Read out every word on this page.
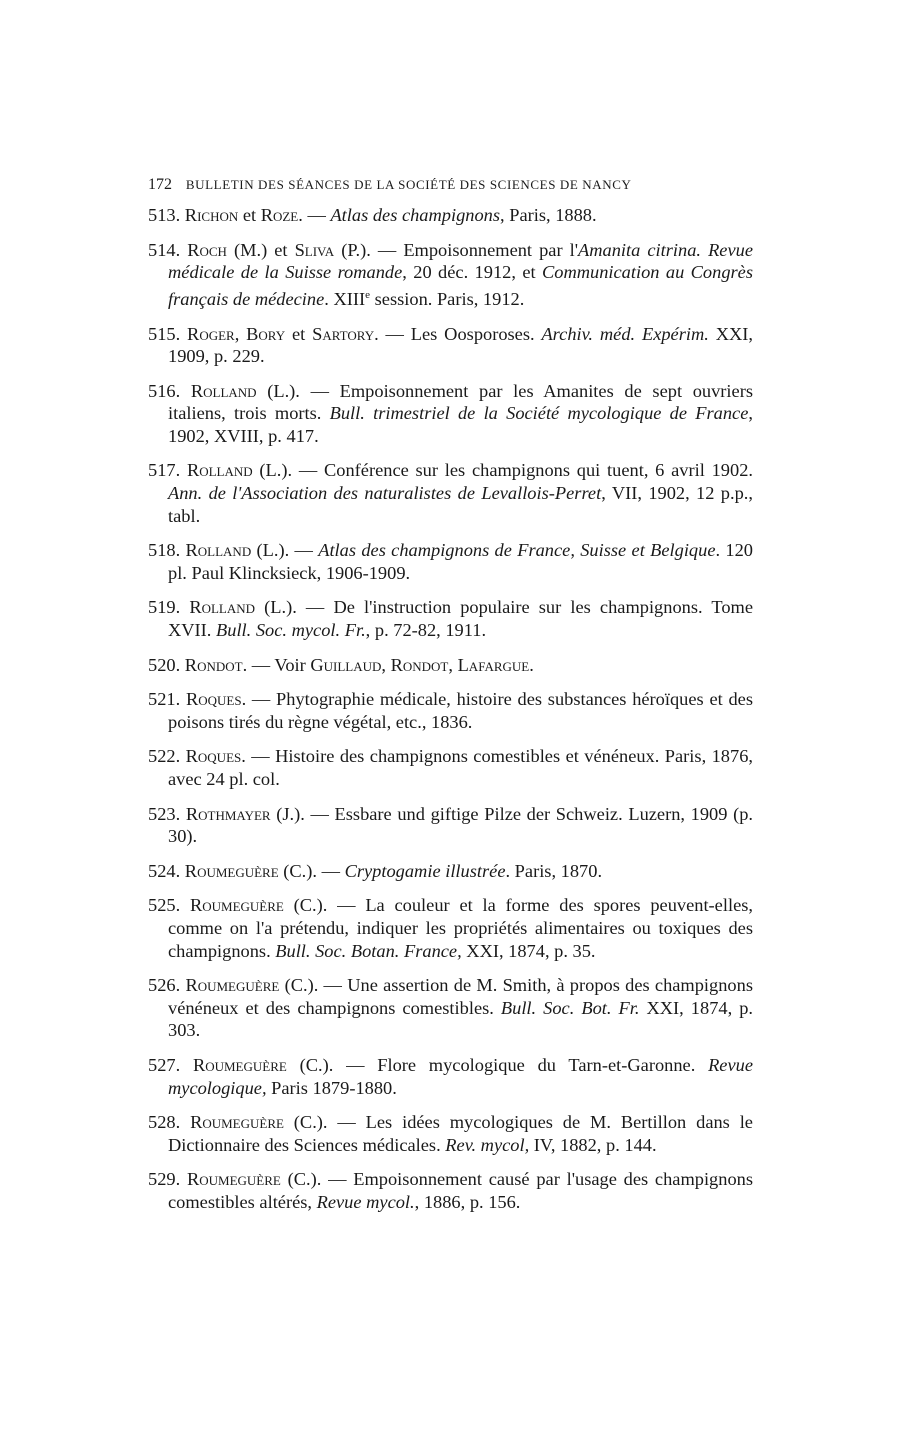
172 BULLETIN DES SÉANCES DE LA SOCIÉTÉ DES SCIENCES DE NANCY

513. Richon et Roze. — Atlas des champignons, Paris, 1888.

514. Roch (M.) et Sliva (P.). — Empoisonnement par l'Amanita citrina. Revue médicale de la Suisse romande, 20 déc. 1912, et Communication au Congrès français de médecine. XIIIe session. Paris, 1912.

515. Roger, Bory et Sartory. — Les Oosporoses. Archiv. méd. Expérim. XXI, 1909, p. 229.

516. Rolland (L.). — Empoisonnement par les Amanites de sept ouvriers italiens, trois morts. Bull. trimestriel de la Société mycologique de France, 1902, XVIII, p. 417.

517. Rolland (L.). — Conférence sur les champignons qui tuent, 6 avril 1902. Ann. de l'Association des naturalistes de Levallois-Perret, VII, 1902, 12 p.p., tabl.

518. Rolland (L.). — Atlas des champignons de France, Suisse et Belgique. 120 pl. Paul Klincksieck, 1906-1909.

519. Rolland (L.). — De l'instruction populaire sur les champignons. Tome XVII. Bull. Soc. mycol. Fr., p. 72-82, 1911.

520. Rondot. — Voir Guillaud, Rondot, Lafargue.

521. Roques. — Phytographie médicale, histoire des substances héroïques et des poisons tirés du règne végétal, etc., 1836.

522. Roques. — Histoire des champignons comestibles et vénéneux. Paris, 1876, avec 24 pl. col.

523. Rothmayer (J.). — Essbare und giftige Pilze der Schweiz. Luzern, 1909 (p. 30).

524. Roumeguère (C.). — Cryptogamie illustrée. Paris, 1870.

525. Roumeguère (C.). — La couleur et la forme des spores peuvent-elles, comme on l'a prétendu, indiquer les propriétés alimentaires ou toxiques des champignons. Bull. Soc. Botan. France, XXI, 1874, p. 35.

526. Roumeguère (C.). — Une assertion de M. Smith, à propos des champignons vénéneux et des champignons comestibles. Bull. Soc. Bot. Fr. XXI, 1874, p. 303.

527. Roumeguère (C.). — Flore mycologique du Tarn-et-Garonne. Revue mycologique, Paris 1879-1880.

528. Roumeguère (C.). — Les idées mycologiques de M. Bertillon dans le Dictionnaire des Sciences médicales. Rev. mycol, IV, 1882, p. 144.

529. Roumeguère (C.). — Empoisonnement causé par l'usage des champignons comestibles altérés, Revue mycol., 1886, p. 156.
